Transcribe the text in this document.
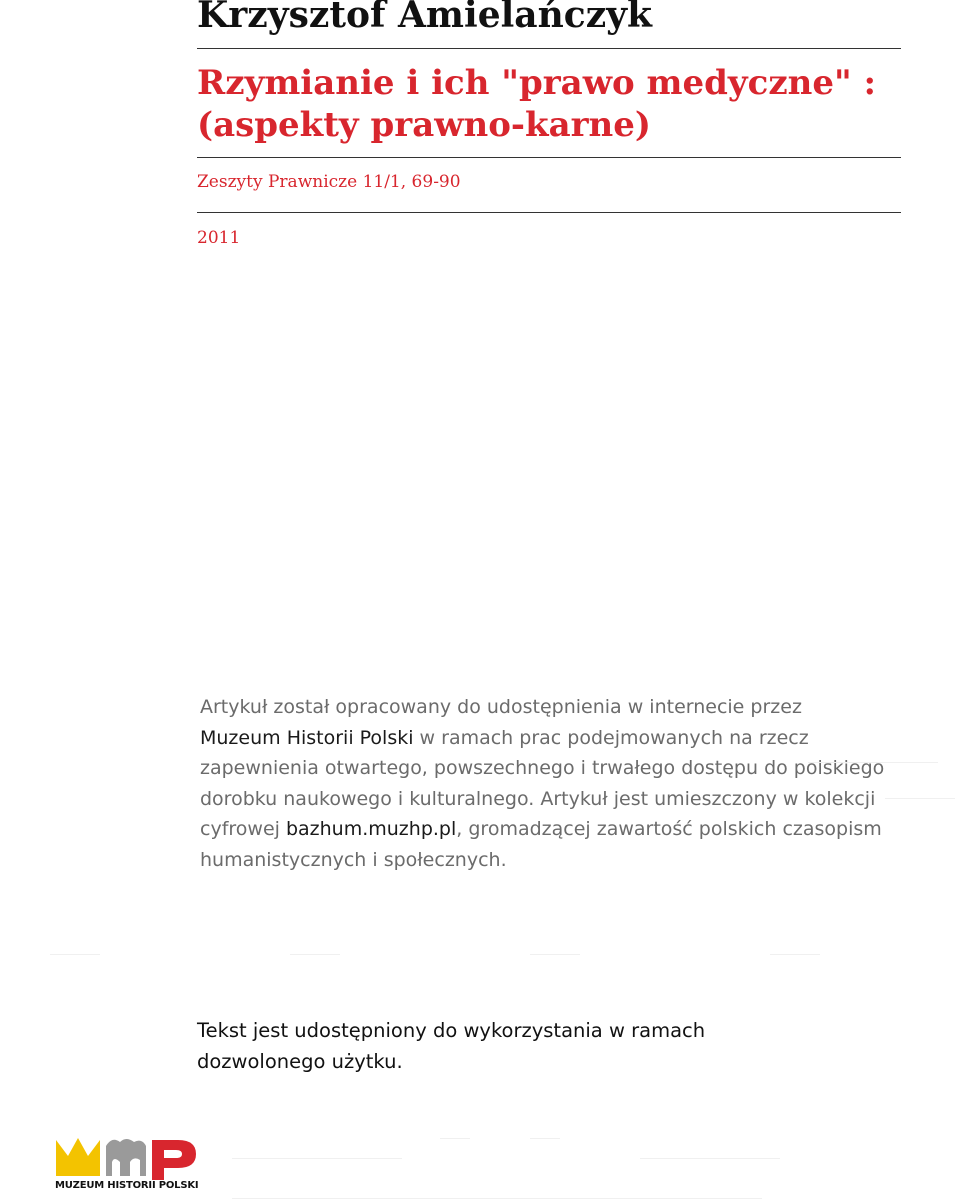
Krzysztof Amielańczyk
Rzymianie i ich "prawo medyczne" : (aspekty prawno-karne)
Zeszyty Prawnicze 11/1, 69-90
2011

Artykuł został opracowany do udostępnienia w internecie przez
Muzeum Historii Polski w ramach prac podejmowanych na rzecz zapewnienia otwartego, powszechnego i trwałego dostępu do polskiego dorobku naukowego i kulturalnego. Artykuł jest umieszczony w kolekcji cyfrowej bazhum.muzhp.pl, gromadzącej zawartość polskich czasopism humanistycznych i społecznych.

Tekst jest udostępniony do wykorzystania w ramach dozwolonego użytku.

MUZEUM HISTORII POLSKI
